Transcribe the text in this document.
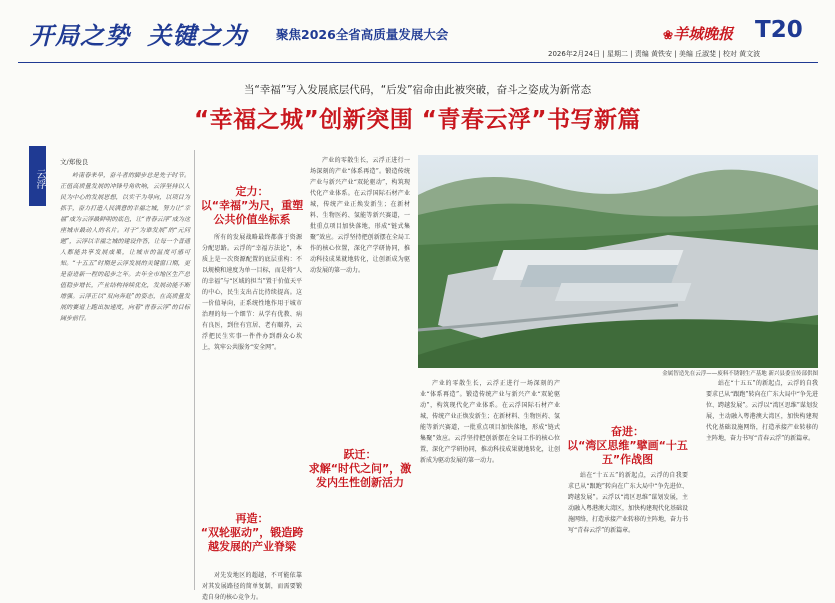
开局之势 关键之为 聚焦2026全省高质量发展大会	❀羊城晚报 T20
2026年2月24日 | 星期二 | 责编 黄铁安 | 美编 丘淑斐 | 校对 黄文波
当“幸福”写入发展底层代码，“后发”宿命由此被突破，奋斗之姿成为新常态
“幸福之城”创新突围 “青春云浮”书写新篇
云浮
文/郑俊良

岭南春来早，奋斗者的脚步总是先于时节。正值高质量发展的冲锋号角吹响，云浮坚持以人民为中心的发展思想，以实干为导向，以项目为抓手，奋力打造人民满意的幸福之城，努力让“幸福”成为云浮最鲜明的底色，让“青春云浮”成为这座城市最动人的名片。对于“为谁发展”的“元问题”，云浮以幸福之城的建设作答，让每一个普通人都能共享发展成果，让城市的温度可感可知。“十五五”时期是云浮发展的关键窗口期，更是奋进新一程的起步之年。去年全市地区生产总值稳步增长，产业结构持续优化，发展动能不断增强。云浮正以“双向奔赴”的姿态，在高质量发展的赛道上跑出加速度，向着“青春云浮”的目标阔步前行。

定力：
以“幸福”为尺，重塑公共价值坐标系

所有的发展战略最终都落于资源分配思路。云浮的“幸福方法论”，本质上是一次资源配置的底层重构：不以规模和速度为单一目标，而是将“人的幸福”与“区域的担当”置于价值天平的中心，民生支出占比持续提高。这一价值导向，正系统性地作用于城市治理的每一个细节：从学有优教、病有良医，到住有宜居、老有颐养，云浮把民生实事一件件办到群众心坎上，筑牢公共服务“安全网”。

再造：
“双轮驱动”，锻造跨越发展的产业脊梁

对先发地区的超越，不可能依靠对其发展路径的简单复制，而需要锻造自身的核心竞争力。

产业的零散生长，云浮正进行一场深刻的产业“体系再造”。锻造传统产业与新兴产业“双轮驱动”，构筑现代化产业体系。在云浮国际石材产业城，传统产业正焕发新生；在新材料、生物医药、氢能等新兴赛道，一批重点项目加快落地，形成“链式集聚”效应。云浮坚持把创新摆在全局工作的核心位置，深化产学研协同，推动科技成果就地转化，让创新成为驱动发展的第一动力。

跃迁：
求解“时代之问”，激发内生性创新活力
金属智造先在云浮——废料不锈钢生产基地 新兴县委宣传部供图

产业的零散生长，云浮正进行一场深刻的产业“体系再造”。锻造传统产业与新兴产业“双轮驱动”，构筑现代化产业体系。在云浮国际石材产业城，传统产业正焕发新生；在新材料、生物医药、氢能等新兴赛道，一批重点项目加快落地，形成“链式集聚”效应。云浮坚持把创新摆在全局工作的核心位置，深化产学研协同，推动科技成果就地转化，让创新成为驱动发展的第一动力。

奋进：
以“湾区思维”擘画“十五五”作战图

站在“十五五”的新起点，云浮的自我要求已从“跟跑”转向在广东大局中“争先进位、跨越发展”。云浮以“湾区思维”谋划发展，主动融入粤港澳大湾区，加快构建现代化基础设施网络，打造承接产业转移的主阵地，奋力书写“青春云浮”的新篇章。

站在“十五五”的新起点，云浮的自我要求已从“跟跑”转向在广东大局中“争先进位、跨越发展”。云浮以“湾区思维”谋划发展，主动融入粤港澳大湾区，加快构建现代化基础设施网络，打造承接产业转移的主阵地，奋力书写“青春云浮”的新篇章。
